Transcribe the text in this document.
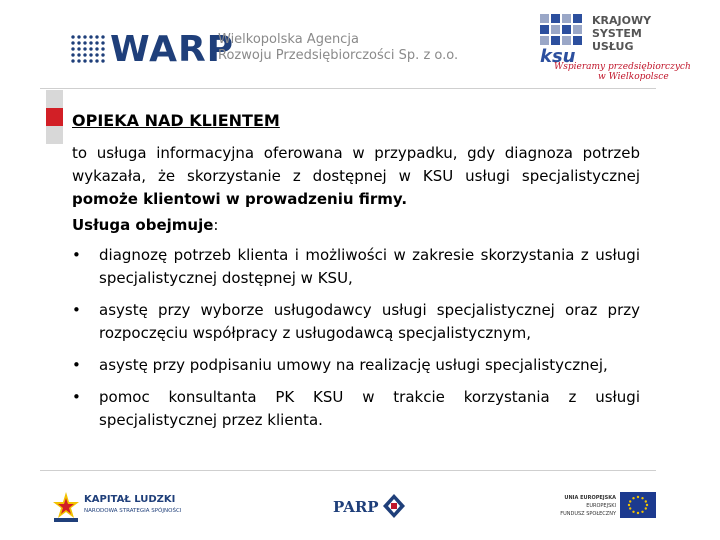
WARP
Wielkopolska Agencja
Rozwoju Przedsiębiorczości Sp. z o.o.	ksu
KRAJOWY
SYSTEM
USŁUG
Wspieramy przedsiębiorczych
w Wielkopolsce
OPIEKA NAD KLIENTEM

to usługa informacyjna oferowana w przypadku, gdy diagnoza potrzeb wykazała, że skorzystanie z dostępnej w KSU usługi specjalistycznej pomoże klientowi w prowadzeniu firmy.

Usługa obejmuje:
• diagnozę potrzeb klienta i możliwości w zakresie skorzystania z usługi specjalistycznej dostępnej w KSU,
• asystę przy wyborze usługodawcy usługi specjalistycznej oraz przy rozpoczęciu współpracy z usługodawcą specjalistycznym,
• asystę przy podpisaniu umowy na realizację usługi specjalistycznej,
• pomoc konsultanta PK KSU w trakcie korzystania z usługi specjalistycznej przez klienta.
KAPITAŁ LUDZKI
NARODOWA STRATEGIA SPÓJNOŚCI	PARP	UNIA EUROPEJSKA
EUROPEJSKI
FUNDUSZ SPOŁECZNY
